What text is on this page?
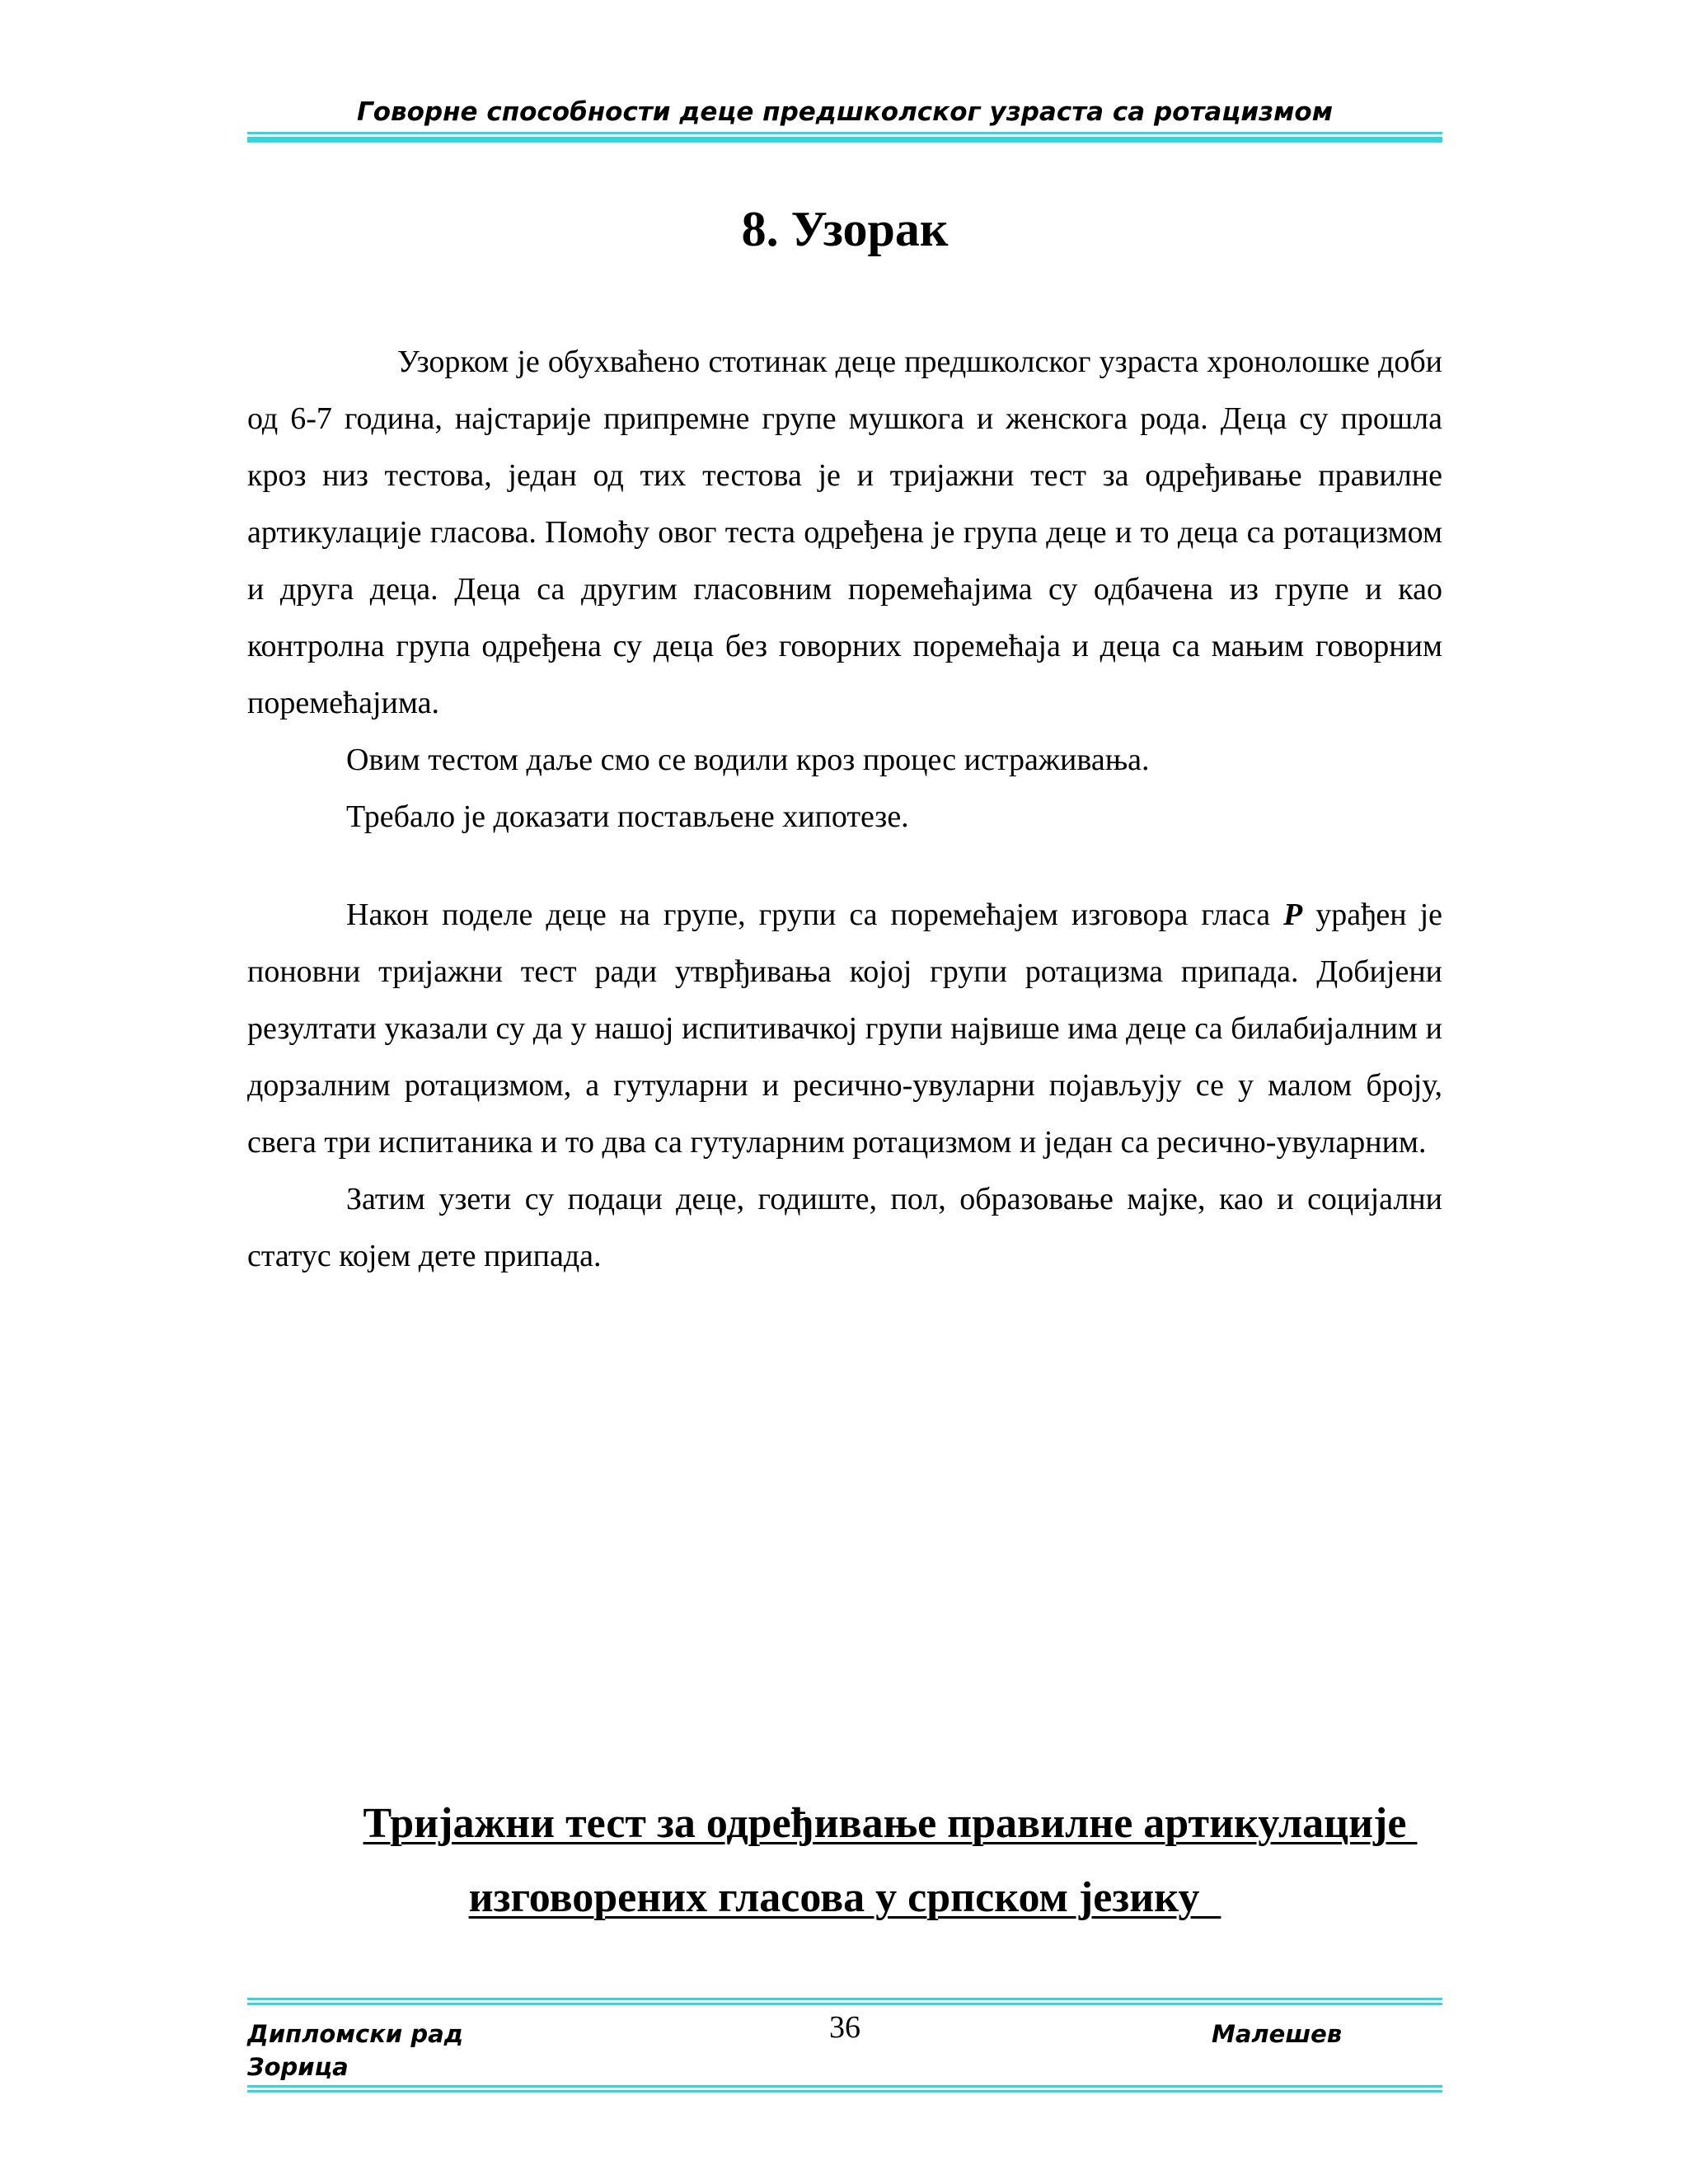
Говорне способности деце предшколског узраста са ротацизмом
8. Узорак

Узорком је обухваћено стотинак деце предшколског узраста хронолошке доби од 6-7 година, најстарије припремне групе мушкога и женскога рода. Деца су прошла кроз низ тестова, један од тих тестова је и тријажни тест за одређивање правилне артикулације гласова. Помоћу овог теста одређена је група деце и то деца са ротацизмом и друга деца. Деца са другим гласовним поремећајима су одбачена из групе и као контролна група одређена су деца без говорних поремећаја и деца са мањим говорним поремећајима.

Овим тестом даље смо се водили кроз процес истраживања.

Требало је доказати постављене хипотезе.

Након поделе деце на групе, групи са поремећајем изговора гласа Р урађен је поновни тријажни тест ради утврђивања којој групи ротацизма припада. Добијени резултати указали су да у нашој испитивачкој групи највише има деце са билабијалним и дорзалним ротацизмом, а гутуларни и ресично-увуларни појављују се у малом броју, свега три испитаника и то два са гутуларним ротацизмом и један са ресично-увуларним.

Затим узети су подаци деце, годиште, пол, образовање мајке, као и социјални статус којем дете припада.

Тријажни тест за одређивање правилне артикулације
изговорених гласова у српском језику
Дипломски рад
Зорица
36	Малешев
